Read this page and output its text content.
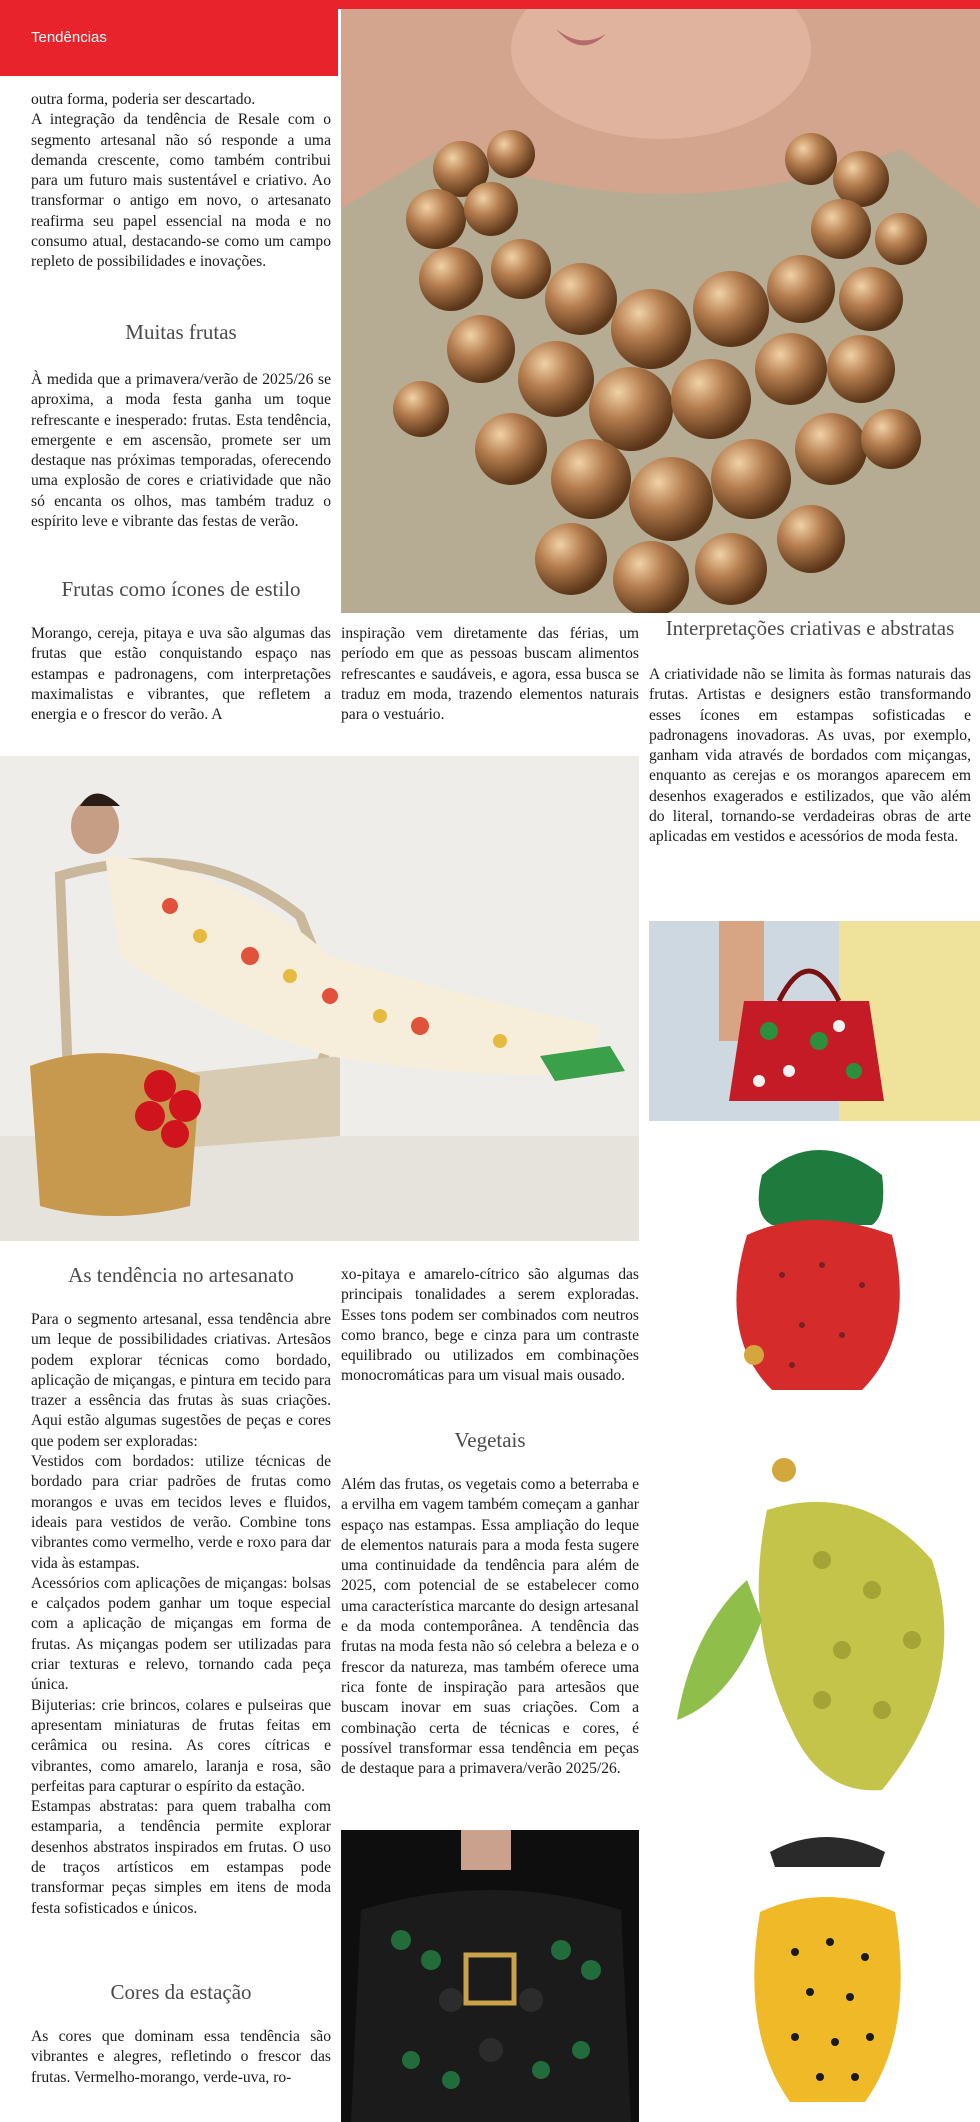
Tendências

outra forma, poderia ser descartado.

A integração da tendência de Resale com o segmento artesanal não só responde a uma demanda crescente, como também contribui para um futuro mais sustentável e criativo. Ao transformar o antigo em novo, o artesanato reafirma seu papel essencial na moda e no consumo atual, destacando-se como um campo repleto de possibilidades e inovações.

Muitas frutas

À medida que a primavera/verão de 2025/26 se aproxima, a moda festa ganha um toque refrescante e inesperado: frutas. Esta tendência, emergente e em ascensão, promete ser um destaque nas próximas temporadas, oferecendo uma explosão de cores e criatividade que não só encanta os olhos, mas também traduz o espírito leve e vibrante das festas de verão.

Frutas como ícones de estilo

Morango, cereja, pitaya e uva são algumas das frutas que estão conquistando espaço nas estampas e padronagens, com interpretações maximalistas e vibrantes, que refletem a energia e o frescor do verão. A

inspiração vem diretamente das férias, um período em que as pessoas buscam alimentos refrescantes e saudáveis, e agora, essa busca se traduz em moda, trazendo elementos naturais para o vestuário.

Interpretações criativas e abstratas

A criatividade não se limita às formas naturais das frutas. Artistas e designers estão transformando esses ícones em estampas sofisticadas e padronagens inovadoras. As uvas, por exemplo, ganham vida através de bordados com miçangas, enquanto as cerejas e os morangos aparecem em desenhos exagerados e estilizados, que vão além do literal, tornando-se verdadeiras obras de arte aplicadas em vestidos e acessórios de moda festa.

As tendência no artesanato

Para o segmento artesanal, essa tendência abre um leque de possibilidades criativas. Artesãos podem explorar técnicas como bordado, aplicação de miçangas, e pintura em tecido para trazer a essência das frutas às suas criações. Aqui estão algumas sugestões de peças e cores que podem ser exploradas:

Vestidos com bordados: utilize técnicas de bordado para criar padrões de frutas como morangos e uvas em tecidos leves e fluidos, ideais para vestidos de verão. Combine tons vibrantes como vermelho, verde e roxo para dar vida às estampas.

Acessórios com aplicações de miçangas: bolsas e calçados podem ganhar um toque especial com a aplicação de miçangas em forma de frutas. As miçangas podem ser utilizadas para criar texturas e relevo, tornando cada peça única.

Bijuterias: crie brincos, colares e pulseiras que apresentam miniaturas de frutas feitas em cerâmica ou resina. As cores cítricas e vibrantes, como amarelo, laranja e rosa, são perfeitas para capturar o espírito da estação.

Estampas abstratas: para quem trabalha com estamparia, a tendência permite explorar desenhos abstratos inspirados em frutas. O uso de traços artísticos em estampas pode transformar peças simples em itens de moda festa sofisticados e únicos.

Cores da estação

As cores que dominam essa tendência são vibrantes e alegres, refletindo o frescor das frutas. Vermelho-morango, verde-uva, ro-

xo-pitaya e amarelo-cítrico são algumas das principais tonalidades a serem exploradas. Esses tons podem ser combinados com neutros como branco, bege e cinza para um contraste equilibrado ou utilizados em combinações monocromáticas para um visual mais ousado.

Vegetais

Além das frutas, os vegetais como a beterraba e a ervilha em vagem também começam a ganhar espaço nas estampas. Essa ampliação do leque de elementos naturais para a moda festa sugere uma continuidade da tendência para além de 2025, com potencial de se estabelecer como uma característica marcante do design artesanal e da moda contemporânea. A tendência das frutas na moda festa não só celebra a beleza e o frescor da natureza, mas também oferece uma rica fonte de inspiração para artesãos que buscam inovar em suas criações. Com a combinação certa de técnicas e cores, é possível transformar essa tendência em peças de destaque para a primavera/verão 2025/26.
